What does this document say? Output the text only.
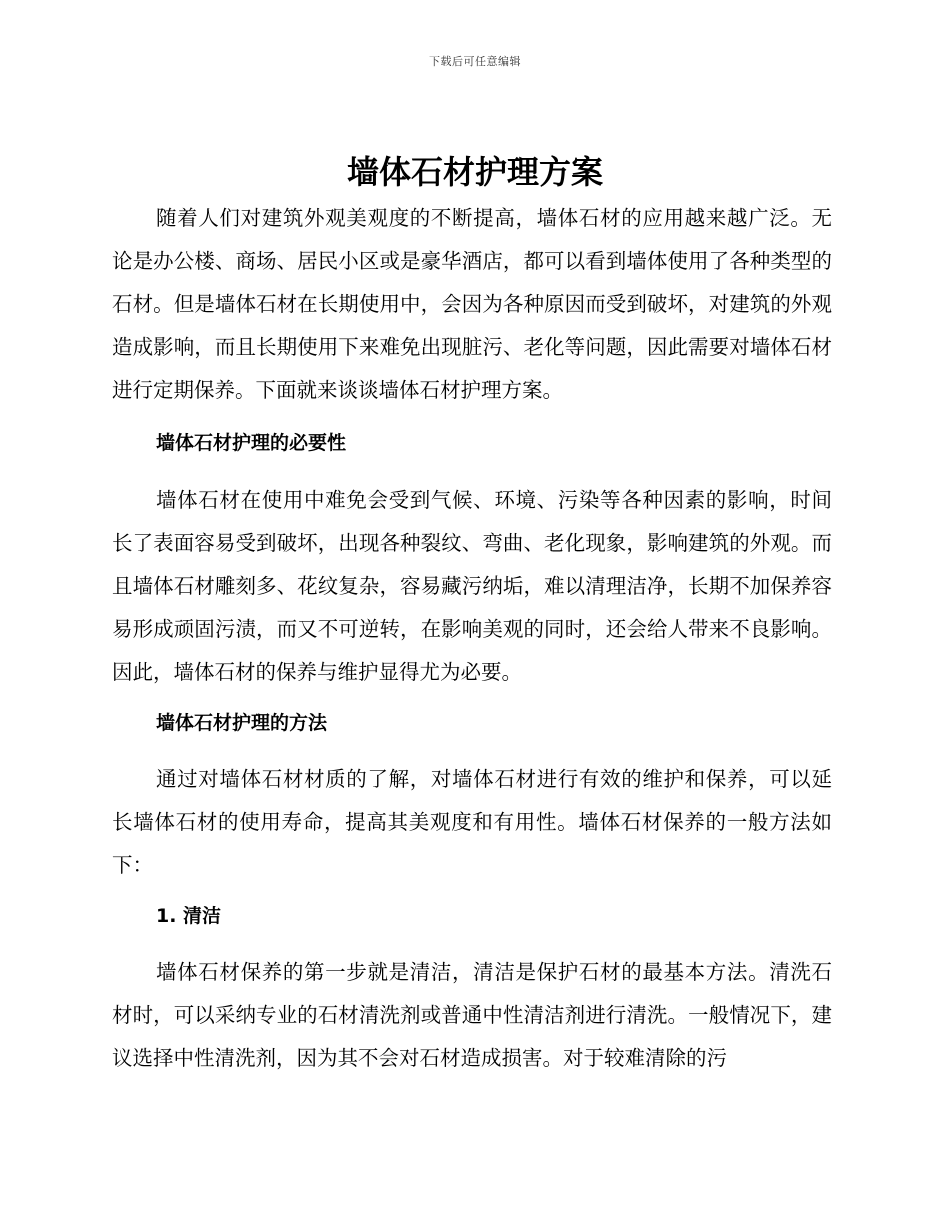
下载后可任意编辑
墙体石材护理方案

随着人们对建筑外观美观度的不断提高，墙体石材的应用越来越广泛。无论是办公楼、商场、居民小区或是豪华酒店，都可以看到墙体使用了各种类型的石材。但是墙体石材在长期使用中，会因为各种原因而受到破坏，对建筑的外观造成影响，而且长期使用下来难免出现脏污、老化等问题，因此需要对墙体石材进行定期保养。下面就来谈谈墙体石材护理方案。

墙体石材护理的必要性

墙体石材在使用中难免会受到气候、环境、污染等各种因素的影响，时间长了表面容易受到破坏，出现各种裂纹、弯曲、老化现象，影响建筑的外观。而且墙体石材雕刻多、花纹复杂，容易藏污纳垢，难以清理洁净，长期不加保养容易形成顽固污渍，而又不可逆转，在影响美观的同时，还会给人带来不良影响。因此，墙体石材的保养与维护显得尤为必要。

墙体石材护理的方法

通过对墙体石材材质的了解，对墙体石材进行有效的维护和保养，可以延长墙体石材的使用寿命，提高其美观度和有用性。墙体石材保养的一般方法如下：

1. 清洁

墙体石材保养的第一步就是清洁，清洁是保护石材的最基本方法。清洗石材时，可以采纳专业的石材清洗剂或普通中性清洁剂进行清洗。一般情况下，建议选择中性清洗剂，因为其不会对石材造成损害。对于较难清除的污
